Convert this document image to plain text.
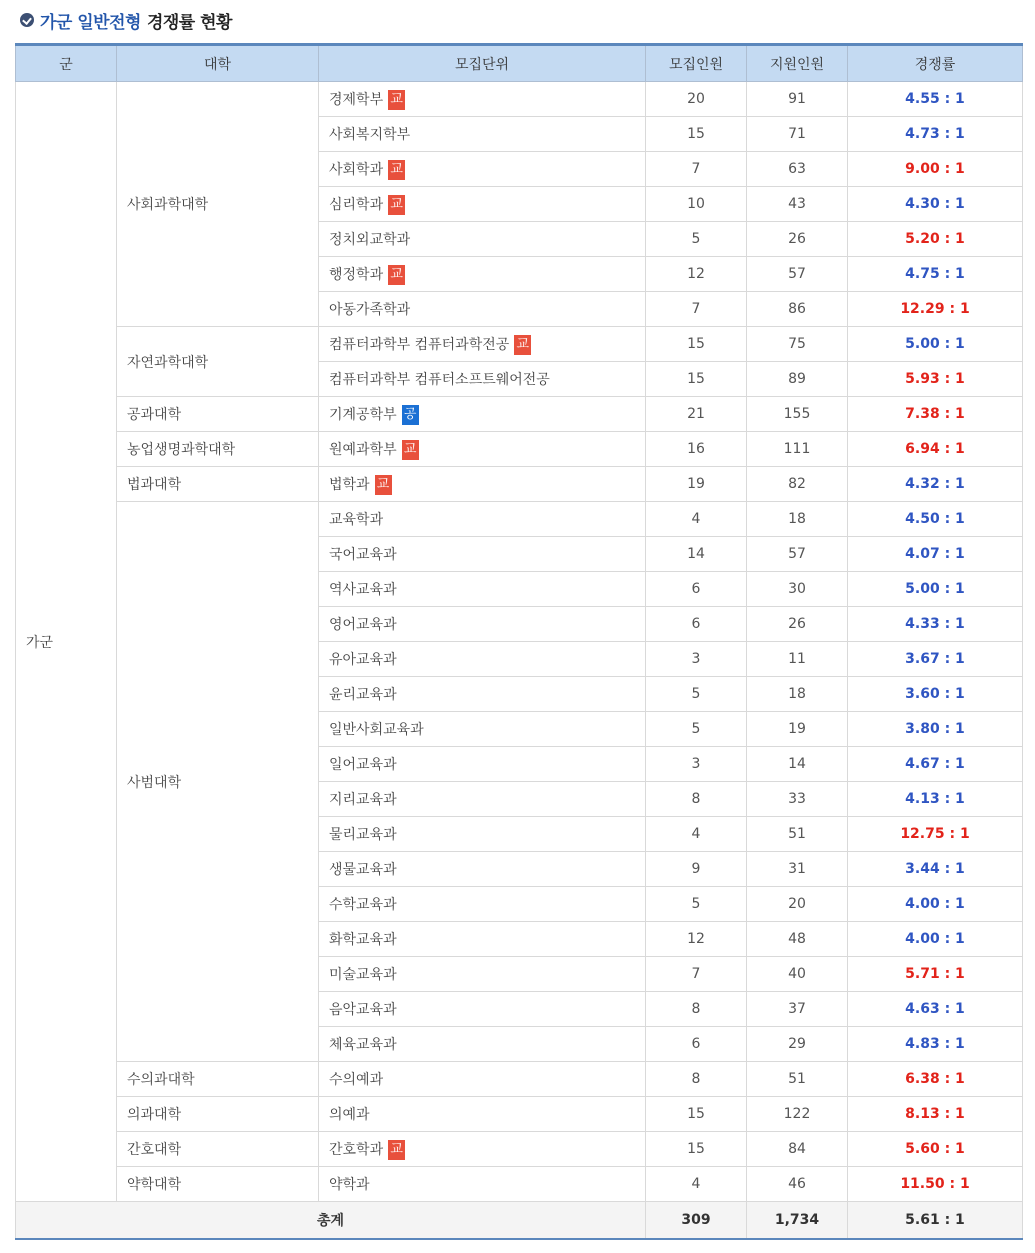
가군 일반전형 경쟁률 현황
군	대학	모집단위	모집인원	지원인원	경쟁률
가군	사회과학대학	경제학부 교	20	91	4.55 : 1
		사회복지학부	15	71	4.73 : 1
		사회학과 교	7	63	9.00 : 1
		심리학과 교	10	43	4.30 : 1
		정치외교학과	5	26	5.20 : 1
		행정학과 교	12	57	4.75 : 1
		아동가족학과	7	86	12.29 : 1
	자연과학대학	컴퓨터과학부 컴퓨터과학전공 교	15	75	5.00 : 1
		컴퓨터과학부 컴퓨터소프트웨어전공	15	89	5.93 : 1
	공과대학	기계공학부 공	21	155	7.38 : 1
	농업생명과학대학	원예과학부 교	16	111	6.94 : 1
	법과대학	법학과 교	19	82	4.32 : 1
	사범대학	교육학과	4	18	4.50 : 1
		국어교육과	14	57	4.07 : 1
		역사교육과	6	30	5.00 : 1
		영어교육과	6	26	4.33 : 1
		유아교육과	3	11	3.67 : 1
		윤리교육과	5	18	3.60 : 1
		일반사회교육과	5	19	3.80 : 1
		일어교육과	3	14	4.67 : 1
		지리교육과	8	33	4.13 : 1
		물리교육과	4	51	12.75 : 1
		생물교육과	9	31	3.44 : 1
		수학교육과	5	20	4.00 : 1
		화학교육과	12	48	4.00 : 1
		미술교육과	7	40	5.71 : 1
		음악교육과	8	37	4.63 : 1
		체육교육과	6	29	4.83 : 1
	수의과대학	수의예과	8	51	6.38 : 1
	의과대학	의예과	15	122	8.13 : 1
	간호대학	간호학과 교	15	84	5.60 : 1
	약학대학	약학과	4	46	11.50 : 1
총계			309	1,734	5.61 : 1
